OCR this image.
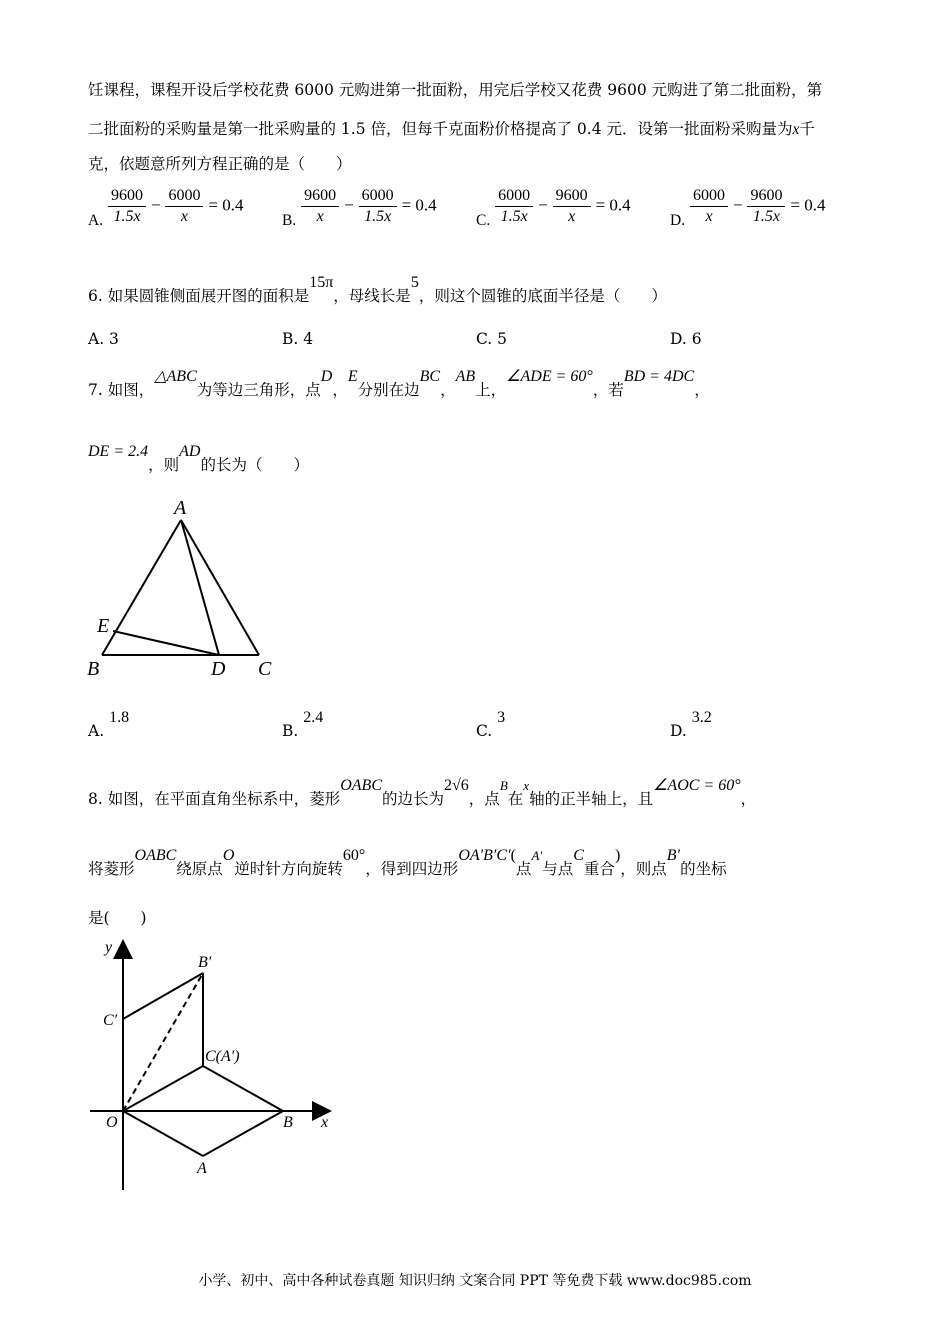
饪课程，课程开设后学校花费 6000 元购进第一批面粉，用完后学校又花费 9600 元购进了第二批面粉，第
二批面粉的采购量是第一批采购量的 1.5 倍，但每千克面粉价格提高了 0.4 元．设第一批面粉采购量为x千
克，依题意所列方程正确的是（　　）
A. $\frac{9600}{1.5x} - \frac{6000}{x} = 0.4$
B. $\frac{9600}{x} - \frac{6000}{1.5x} = 0.4$
C. $\frac{6000}{1.5x} - \frac{9600}{x} = 0.4$
D. $\frac{6000}{x} - \frac{9600}{1.5x} = 0.4$
6. 如果圆锥侧面展开图的面积是15π，母线长是5，则这个圆锥的底面半径是（　　）
A. 3	B. 4	C. 5	D. 6
7. 如图，△ABC为等边三角形，点D，E分别在边BC，AB上，∠ADE = 60°，若BD = 4DC，
DE = 2.4，则AD的长为（　　）
A
E
B	D C
A. 1.8
B. 2.4
C. 3
D. 3.2
8. 如图，在平面直角坐标系中，菱形OABC的边长为2√6，点$^B$在$^x$轴的正半轴上，且∠AOC = 60°，
将菱形OABC绕原点O逆时针方向旋转60°，得到四边形OA′B′C′(点$^{A'}$与点C重合)，则点B′的坐标
是(　　)
y
B′
C′
C(A′)
O	B x
A
小学、初中、高中各种试卷真题 知识归纳 文案合同 PPT 等免费下载 www.doc985.com
